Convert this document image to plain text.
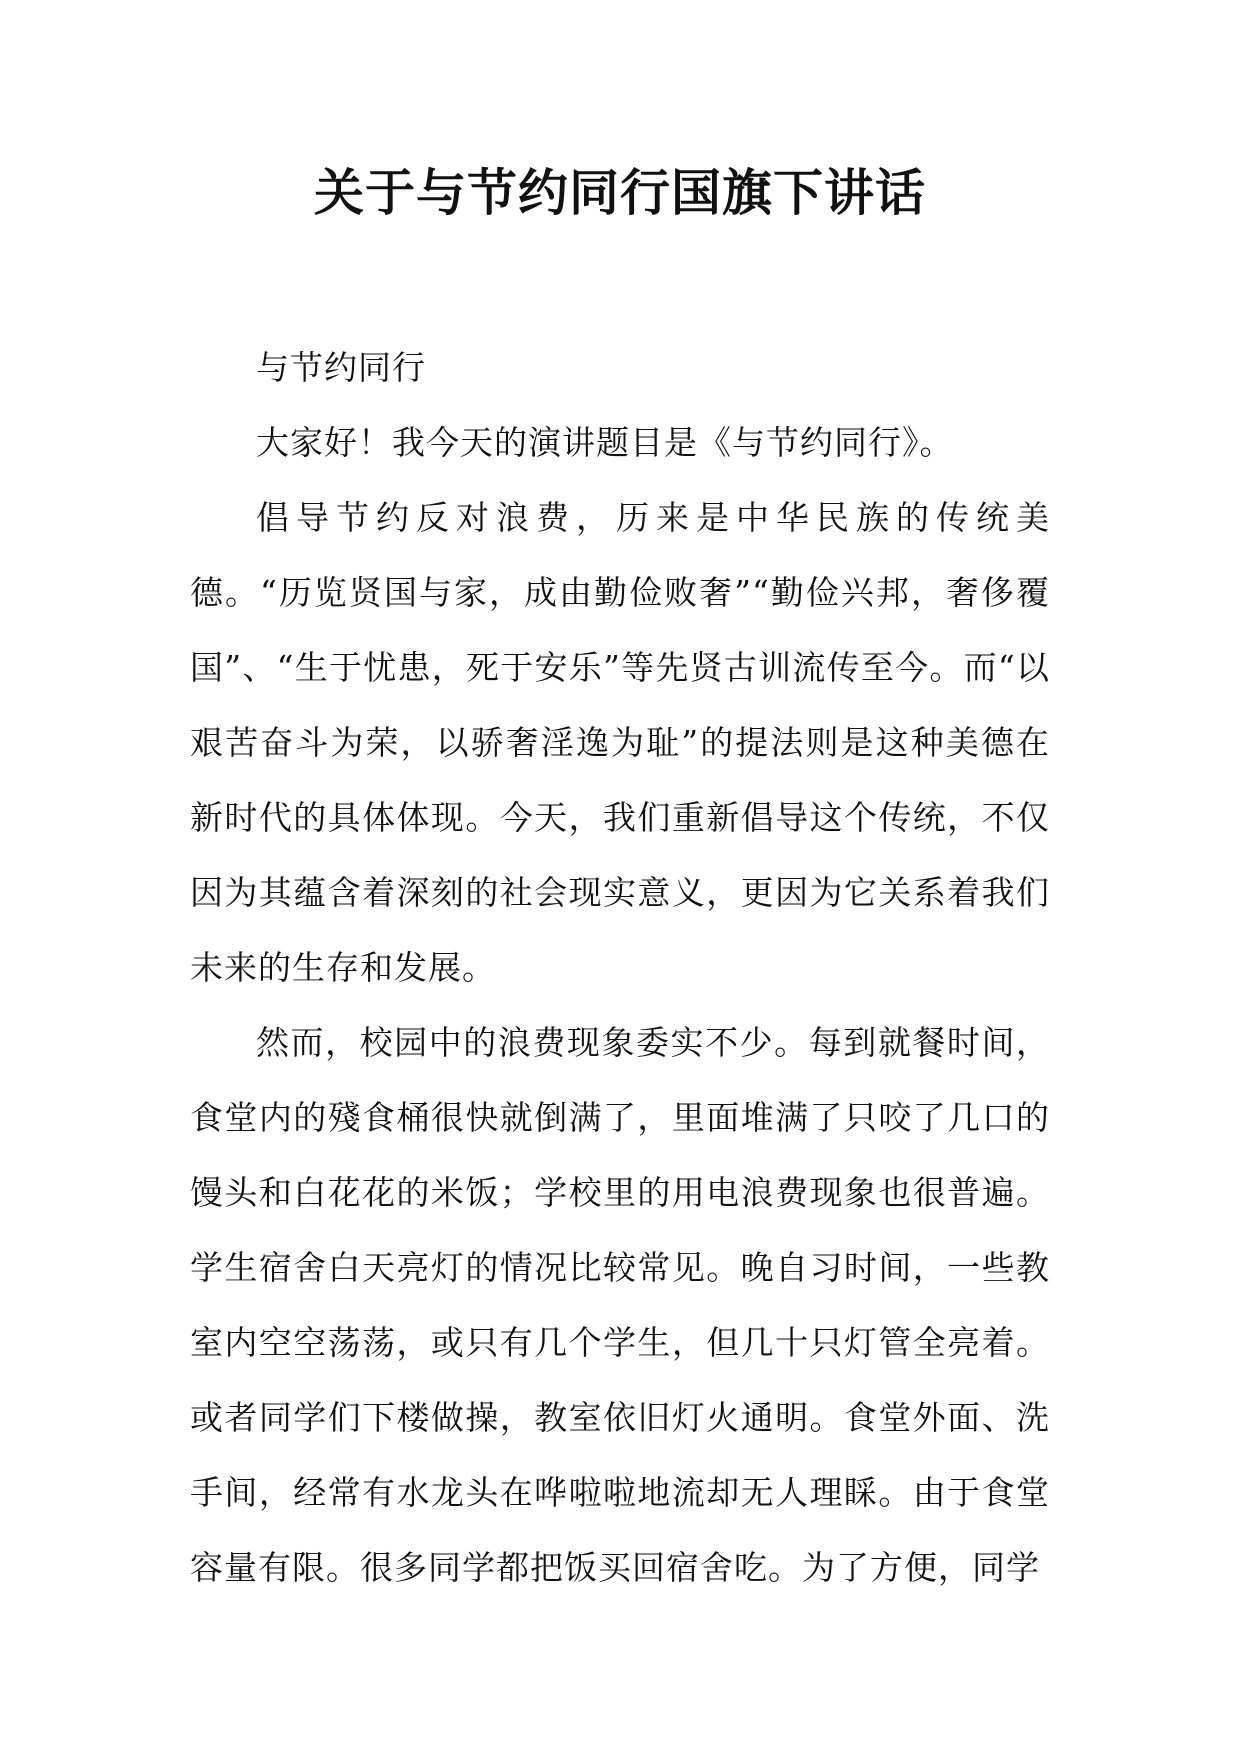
关于与节约同行国旗下讲话

与节约同行

大家好！我今天的演讲题目是《与节约同行》。

倡导节约反对浪费，历来是中华民族的传统美德。“历览贤国与家，成由勤俭败奢”“勤俭兴邦，奢侈覆国”、“生于忧患，死于安乐”等先贤古训流传至今。而“以艰苦奋斗为荣，以骄奢淫逸为耻”的提法则是这种美德在新时代的具体体现。今天，我们重新倡导这个传统，不仅因为其蕴含着深刻的社会现实意义，更因为它关系着我们未来的生存和发展。

然而，校园中的浪费现象委实不少。每到就餐时间，食堂内的殘食桶很快就倒满了，里面堆满了只咬了几口的馒头和白花花的米饭；学校里的用电浪费现象也很普遍。学生宿舍白天亮灯的情况比较常见。晚自习时间，一些教室内空空荡荡，或只有几个学生，但几十只灯管全亮着。或者同学们下楼做操，教室依旧灯火通明。食堂外面、洗手间，经常有水龙头在哗啦啦地流却无人理睬。由于食堂容量有限。很多同学都把饭买回宿舍吃。为了方便，同学
